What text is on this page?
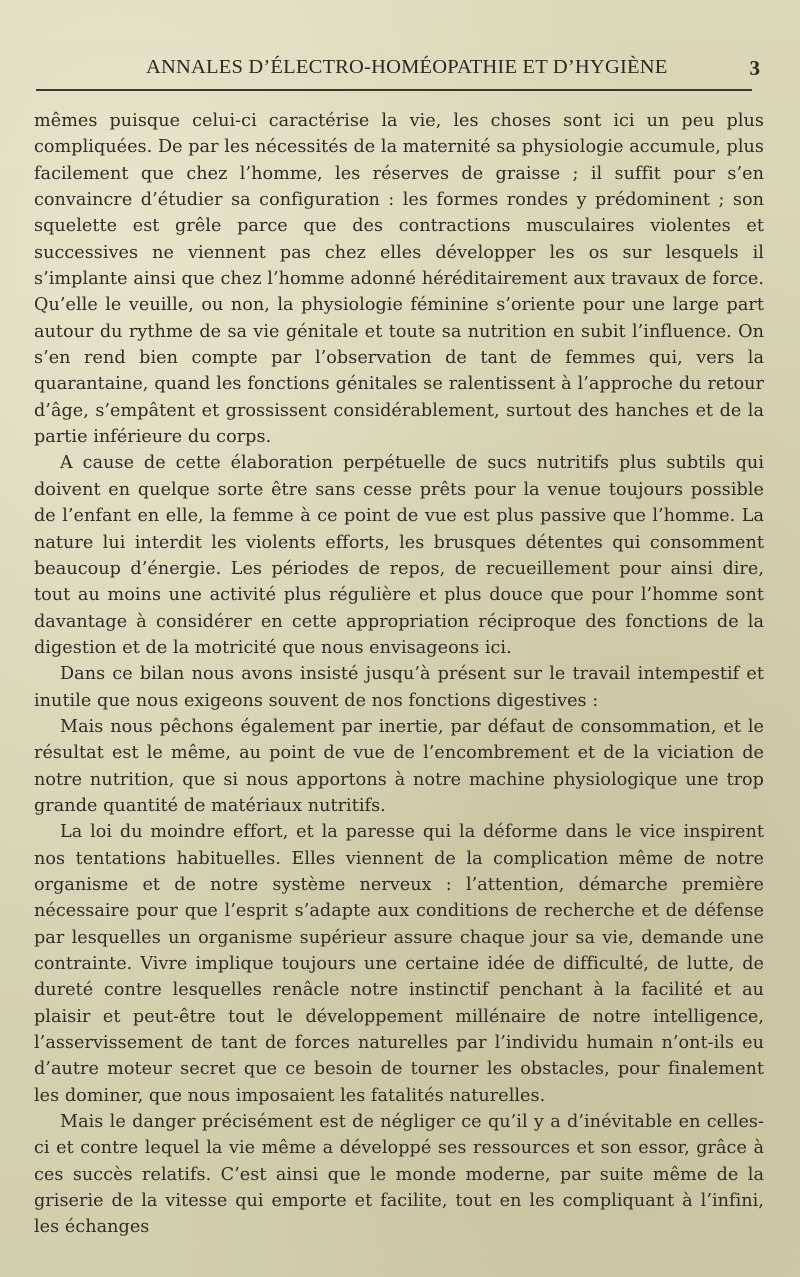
ANNALES D’ÉLECTRO-HOMÉOPATHIE ET D’HYGIÈNE	3

mêmes puisque celui-ci caractérise la vie, les choses sont ici un peu plus compliquées. De par les nécessités de la maternité sa physiologie accumule, plus facilement que chez l’homme, les réserves de graisse ; il suffit pour s’en convaincre d’étudier sa configuration : les formes rondes y prédominent ; son squelette est grêle parce que des contractions musculaires violentes et successives ne viennent pas chez elles développer les os sur lesquels il s’implante ainsi que chez l’homme adonné héréditairement aux travaux de force. Qu’elle le veuille, ou non, la physiologie féminine s’oriente pour une large part autour du rythme de sa vie génitale et toute sa nutrition en subit l’influence. On s’en rend bien compte par l’observation de tant de femmes qui, vers la quarantaine, quand les fonctions génitales se ralentissent à l’approche du retour d’âge, s’empâtent et grossissent considérablement, surtout des hanches et de la partie inférieure du corps.

A cause de cette élaboration perpétuelle de sucs nutritifs plus subtils qui doivent en quelque sorte être sans cesse prêts pour la venue toujours possible de l’enfant en elle, la femme à ce point de vue est plus passive que l’homme. La nature lui interdit les violents efforts, les brusques détentes qui consomment beaucoup d’énergie. Les périodes de repos, de recueillement pour ainsi dire, tout au moins une activité plus régulière et plus douce que pour l’homme sont davantage à considérer en cette appropriation réciproque des fonctions de la digestion et de la motricité que nous envisageons ici.

Dans ce bilan nous avons insisté jusqu’à présent sur le travail intempestif et inutile que nous exigeons souvent de nos fonctions digestives :

Mais nous pêchons également par inertie, par défaut de consommation, et le résultat est le même, au point de vue de l’encombrement et de la viciation de notre nutrition, que si nous apportons à notre machine physiologique une trop grande quantité de matériaux nutritifs.

La loi du moindre effort, et la paresse qui la déforme dans le vice inspirent nos tentations habituelles. Elles viennent de la complication même de notre organisme et de notre système nerveux : l’attention, démarche première nécessaire pour que l’esprit s’adapte aux conditions de recherche et de défense par lesquelles un organisme supérieur assure chaque jour sa vie, demande une contrainte. Vivre implique toujours une certaine idée de difficulté, de lutte, de dureté contre lesquelles renâcle notre instinctif penchant à la facilité et au plaisir et peut-être tout le développement millénaire de notre intelligence, l’asservissement de tant de forces naturelles par l’individu humain n’ont-ils eu d’autre moteur secret que ce besoin de tourner les obstacles, pour finalement les dominer, que nous imposaient les fatalités naturelles.

Mais le danger précisément est de négliger ce qu’il y a d’inévitable en celles-ci et contre lequel la vie même a développé ses ressources et son essor, grâce à ces succès relatifs. C’est ainsi que le monde moderne, par suite même de la griserie de la vitesse qui emporte et facilite, tout en les compliquant à l’infini, les échanges
